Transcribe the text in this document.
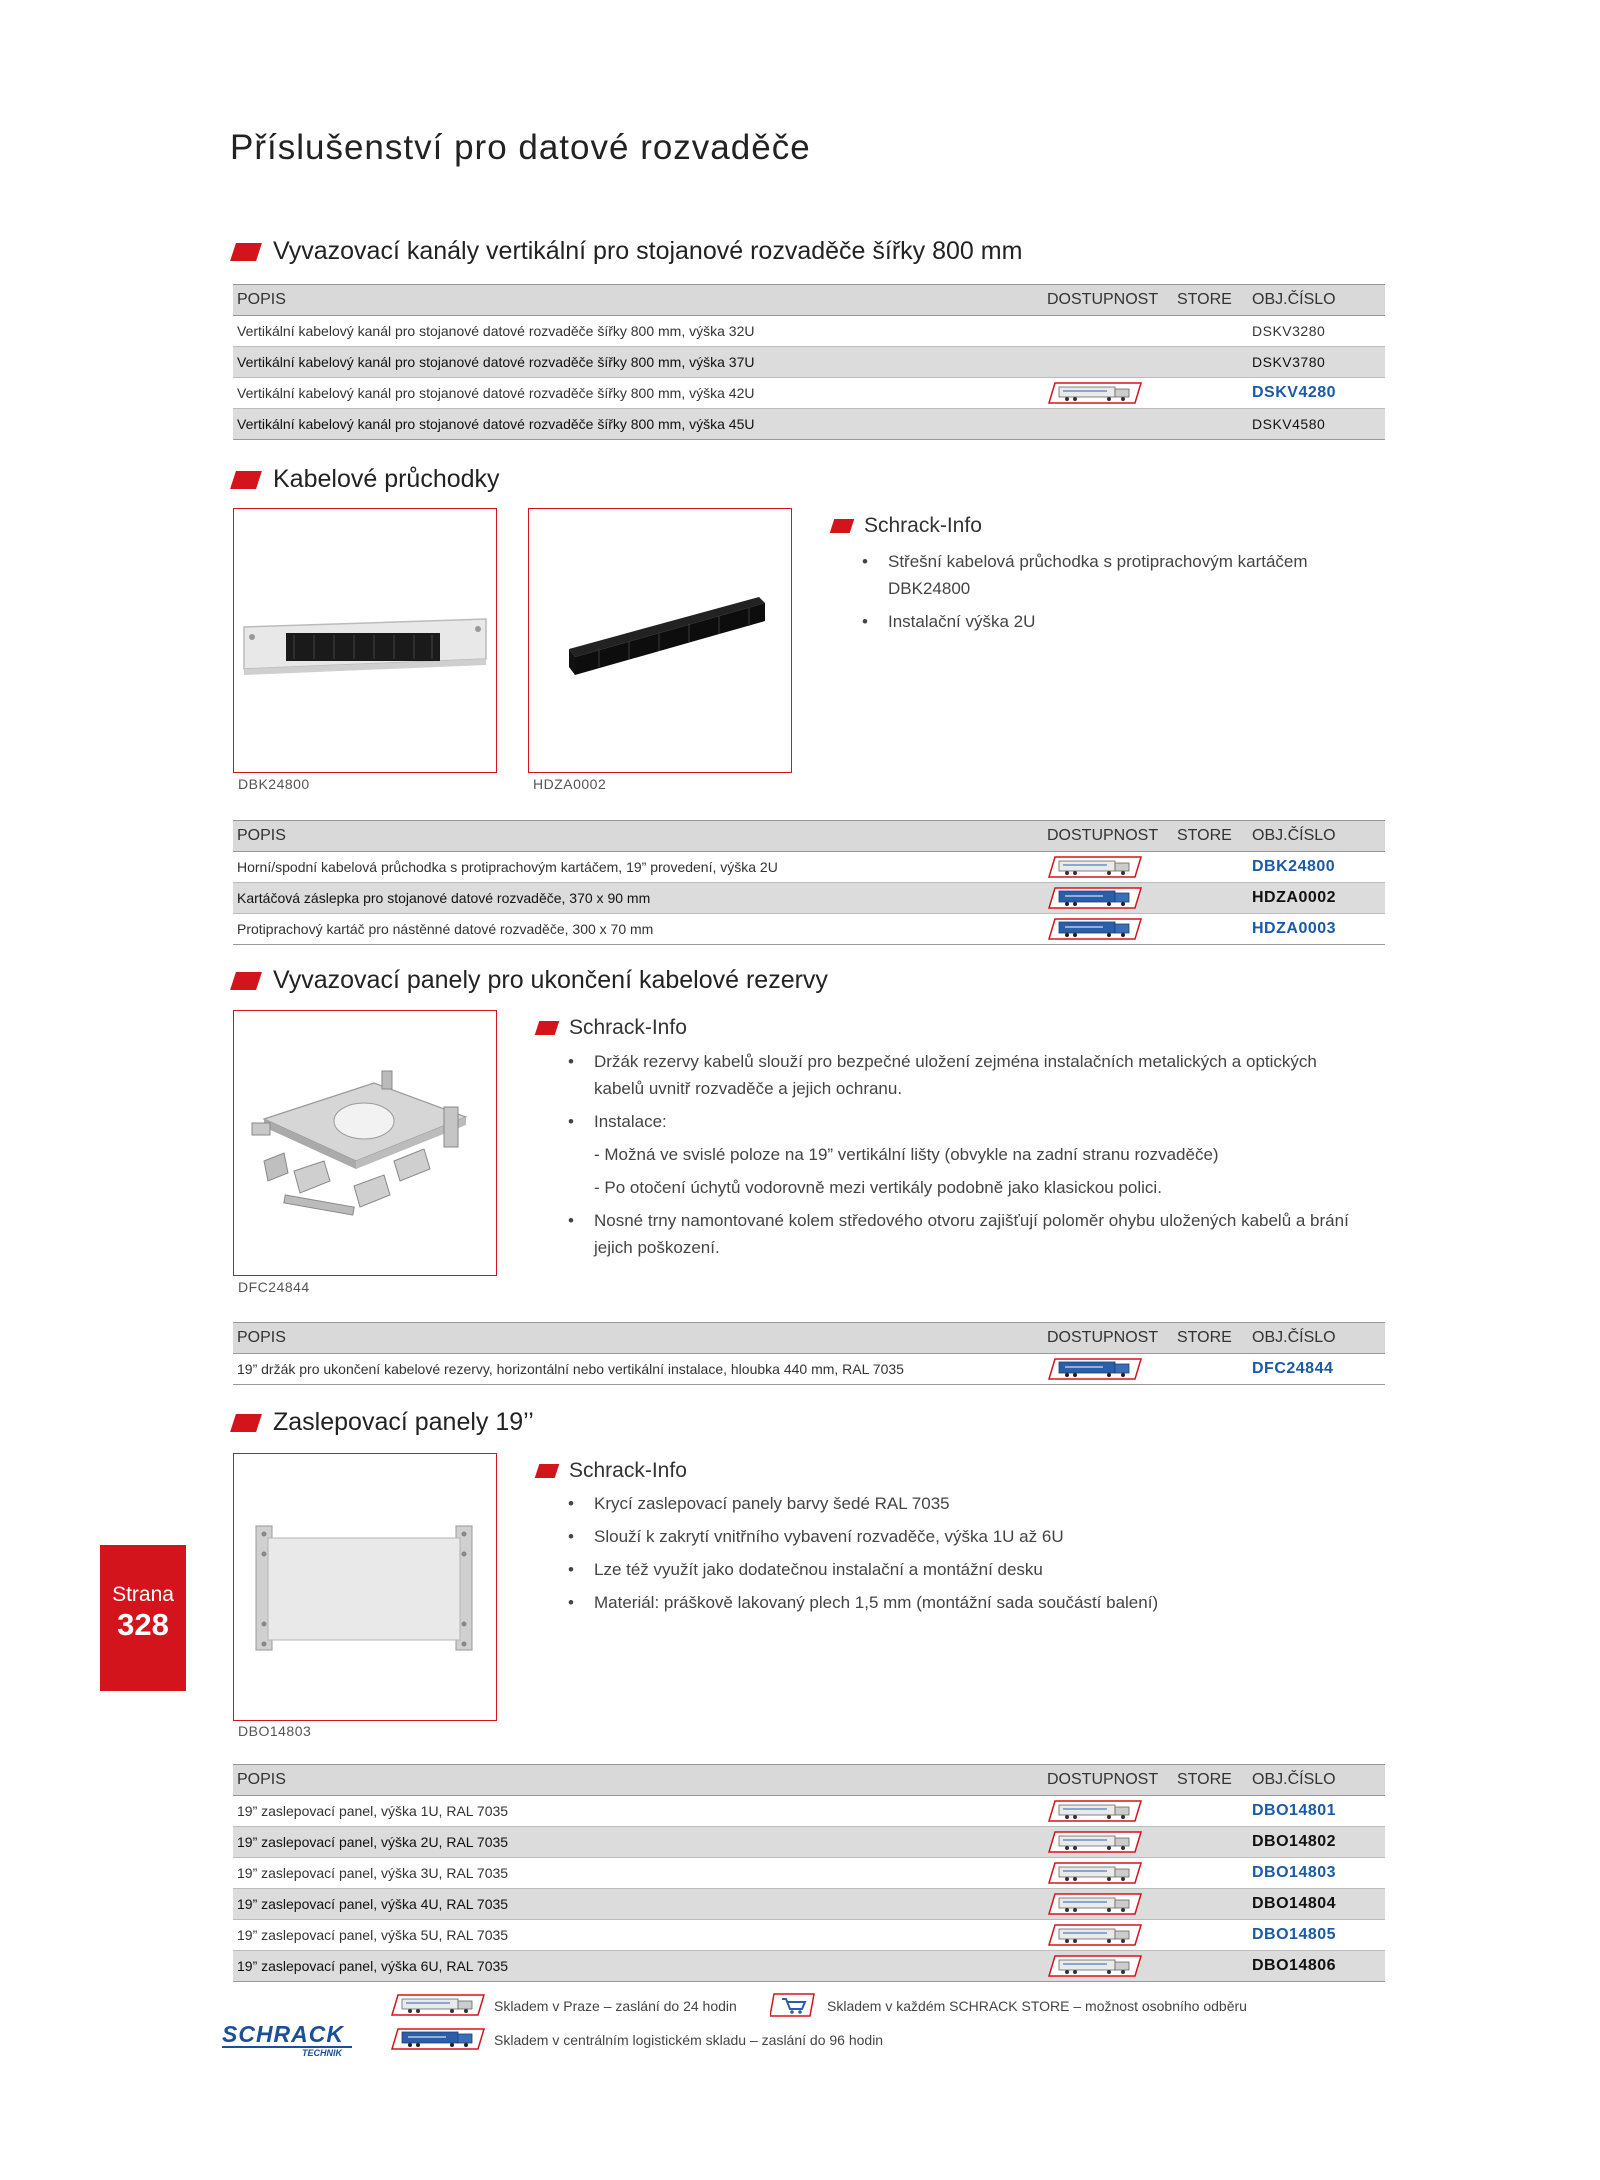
Příslušenství pro datové rozvaděče
Vyvazovací kanály vertikální pro stojanové rozvaděče šířky 800 mm
POPIS	DOSTUPNOST	STORE	OBJ.ČÍSLO
Vertikální kabelový kanál pro stojanové datové rozvaděče šířky 800 mm, výška 32U			DSKV3280
Vertikální kabelový kanál pro stojanové datové rozvaděče šířky 800 mm, výška 37U			DSKV3780
Vertikální kabelový kanál pro stojanové datové rozvaděče šířky 800 mm, výška 42U			DSKV4280
Vertikální kabelový kanál pro stojanové datové rozvaděče šířky 800 mm, výška 45U			DSKV4580
Kabelové průchodky
DBK24800	HDZA0002
Schrack-Info
• Střešní kabelová průchodka s protiprachovým kartáčem DBK24800
• Instalační výška 2U
POPIS	DOSTUPNOST	STORE	OBJ.ČÍSLO
Horní/spodní kabelová průchodka s protiprachovým kartáčem, 19” provedení, výška 2U			DBK24800
Kartáčová záslepka pro stojanové datové rozvaděče, 370 x 90 mm			HDZA0002
Protiprachový kartáč pro nástěnné datové rozvaděče, 300 x 70 mm			HDZA0003
Vyvazovací panely pro ukončení kabelové rezervy
DFC24844
Schrack-Info
• Držák rezervy kabelů slouží pro bezpečné uložení zejména instalačních metalických a optických kabelů uvnitř rozvaděče a jejich ochranu.
• Instalace:
- Možná ve svislé poloze na 19” vertikální lišty (obvykle na zadní stranu rozvaděče)
- Po otočení úchytů vodorovně mezi vertikály podobně jako klasickou polici.
• Nosné trny namontované kolem středového otvoru zajišťují poloměr ohybu uložených kabelů a brání jejich poškození.
POPIS	DOSTUPNOST	STORE	OBJ.ČÍSLO
19” držák pro ukončení kabelové rezervy, horizontální nebo vertikální instalace, hloubka 440 mm, RAL 7035			DFC24844
Zaslepovací panely 19’’
DBO14803
Schrack-Info
• Krycí zaslepovací panely barvy šedé RAL 7035
• Slouží k zakrytí vnitřního vybavení rozvaděče, výška 1U až 6U
• Lze též využít jako dodatečnou instalační a montážní desku
• Materiál: práškově lakovaný plech 1,5 mm (montážní sada součástí balení)
POPIS	DOSTUPNOST	STORE	OBJ.ČÍSLO
19” zaslepovací panel, výška 1U, RAL 7035			DBO14801
19” zaslepovací panel, výška 2U, RAL 7035			DBO14802
19” zaslepovací panel, výška 3U, RAL 7035			DBO14803
19” zaslepovací panel, výška 4U, RAL 7035			DBO14804
19” zaslepovací panel, výška 5U, RAL 7035			DBO14805
19” zaslepovací panel, výška 6U, RAL 7035			DBO14806
Strana
328
Skladem v Praze – zaslání do 24 hodin	Skladem v každém SCHRACK STORE – možnost osobního odběru
Skladem v centrálním logistickém skladu – zaslání do 96 hodin
SCHRACK
TECHNIK
